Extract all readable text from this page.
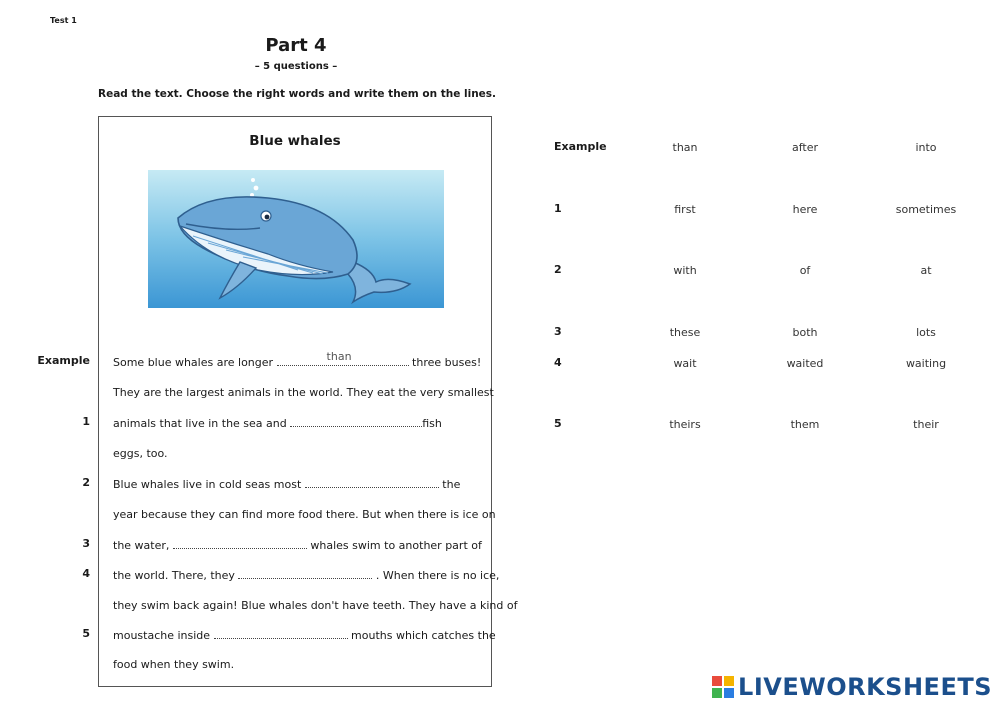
Test 1
Part 4
– 5 questions –
Read the text. Choose the right words and write them on the lines.
Blue whales
Example Some blue whales are longer	than	three buses!
They are the largest animals in the world. They eat the very smallest
1 animals that live in the sea and	fish
eggs, too.
2 Blue whales live in cold seas most	the
year because they can find more food there. But when there is ice on
3 the water,	whales swim to another part of
4 the world. There, they	. When there is no ice,
they swim back again! Blue whales don't have teeth. They have a kind of
5 moustache inside	mouths which catches the
food when they swim.
Example	than	after	into
1	first	here	sometimes
2	with	of	at
3	these	both	lots
4	wait	waited	waiting
5	theirs	them	their
LIVEWORKSHEETS
